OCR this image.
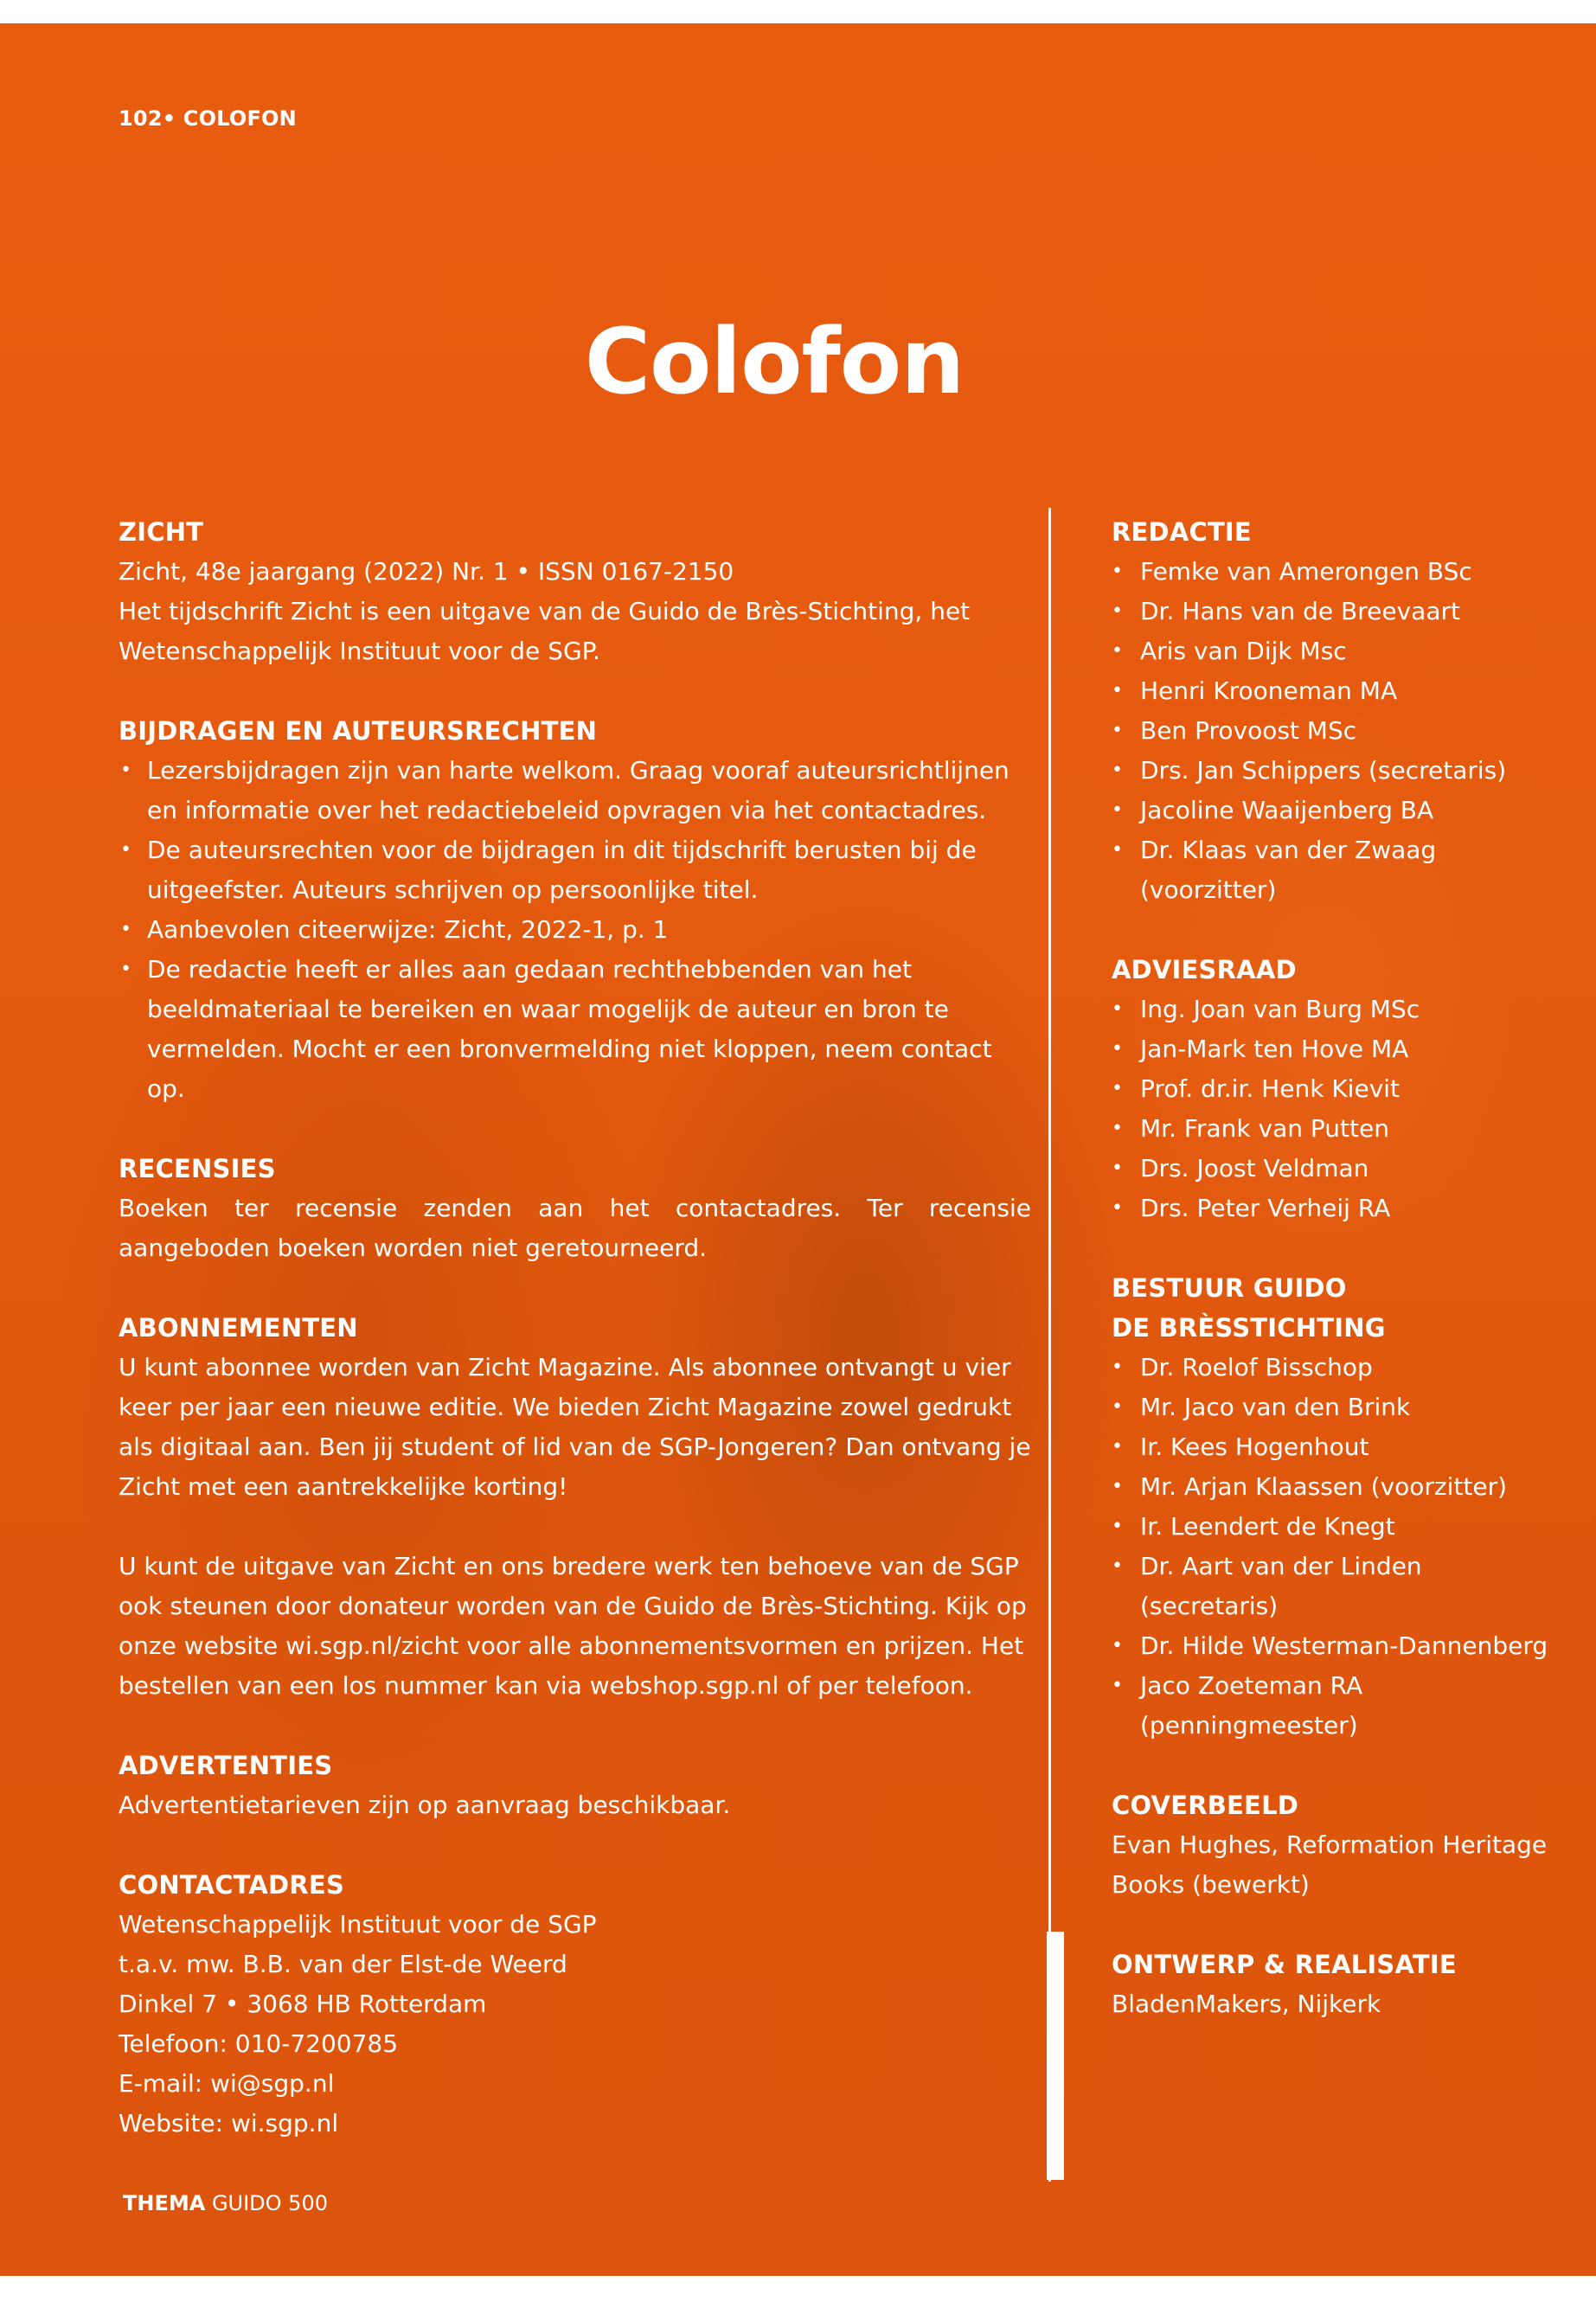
102• COLOFON
Colofon

ZICHT

Zicht, 48e jaargang (2022) Nr. 1 • ISSN 0167-2150

Het tijdschrift Zicht is een uitgave van de Guido de Brès-Stichting, het

Wetenschappelijk Instituut voor de SGP.

BIJDRAGEN EN AUTEURSRECHTEN

• Lezersbijdragen zijn van harte welkom. Graag vooraf auteursrichtlijnen en informatie over het redactiebeleid opvragen via het contactadres.
• De auteursrechten voor de bijdragen in dit tijdschrift berusten bij de uitgeefster. Auteurs schrijven op persoonlijke titel.
• Aanbevolen citeerwijze: Zicht, 2022-1, p. 1
• De redactie heeft er alles aan gedaan rechthebbenden van het beeldmateriaal te bereiken en waar mogelijk de auteur en bron te vermelden. Mocht er een bronvermelding niet kloppen, neem contact op.

RECENSIES

Boeken ter recensie zenden aan het contactadres. Ter recensie aangeboden boeken worden niet geretourneerd.

ABONNEMENTEN

U kunt abonnee worden van Zicht Magazine. Als abonnee ontvangt u vier keer per jaar een nieuwe editie. We bieden Zicht Magazine zowel gedrukt als digitaal aan. Ben jij student of lid van de SGP-Jongeren? Dan ontvang je Zicht met een aantrekkelijke korting!

U kunt de uitgave van Zicht en ons bredere werk ten behoeve van de SGP ook steunen door donateur worden van de Guido de Brès-Stichting. Kijk op onze website wi.sgp.nl/zicht voor alle abonnementsvormen en prijzen. Het bestellen van een los nummer kan via webshop.sgp.nl of per telefoon.

ADVERTENTIES

Advertentietarieven zijn op aanvraag beschikbaar.

CONTACTADRES

Wetenschappelijk Instituut voor de SGP

t.a.v. mw. B.B. van der Elst-de Weerd

Dinkel 7 • 3068 HB Rotterdam

Telefoon: 010-7200785

E-mail: wi@sgp.nl

Website: wi.sgp.nl

REDACTIE

• Femke van Amerongen BSc
• Dr. Hans van de Breevaart
• Aris van Dijk Msc
• Henri Krooneman MA
• Ben Provoost MSc
• Drs. Jan Schippers (secretaris)
• Jacoline Waaijenberg BA
• Dr. Klaas van der Zwaag (voorzitter)

ADVIESRAAD

• Ing. Joan van Burg MSc
• Jan-Mark ten Hove MA
• Prof. dr.ir. Henk Kievit
• Mr. Frank van Putten
• Drs. Joost Veldman
• Drs. Peter Verheij RA

BESTUUR GUIDO

DE BRÈSSTICHTING

• Dr. Roelof Bisschop
• Mr. Jaco van den Brink
• Ir. Kees Hogenhout
• Mr. Arjan Klaassen (voorzitter)
• Ir. Leendert de Knegt
• Dr. Aart van der Linden (secretaris)
• Dr. Hilde Westerman-Dannenberg
• Jaco Zoeteman RA (penningmeester)

COVERBEELD

Evan Hughes, Reformation Heritage Books (bewerkt)

ONTWERP & REALISATIE

BladenMakers, Nijkerk

THEMA GUIDO 500
